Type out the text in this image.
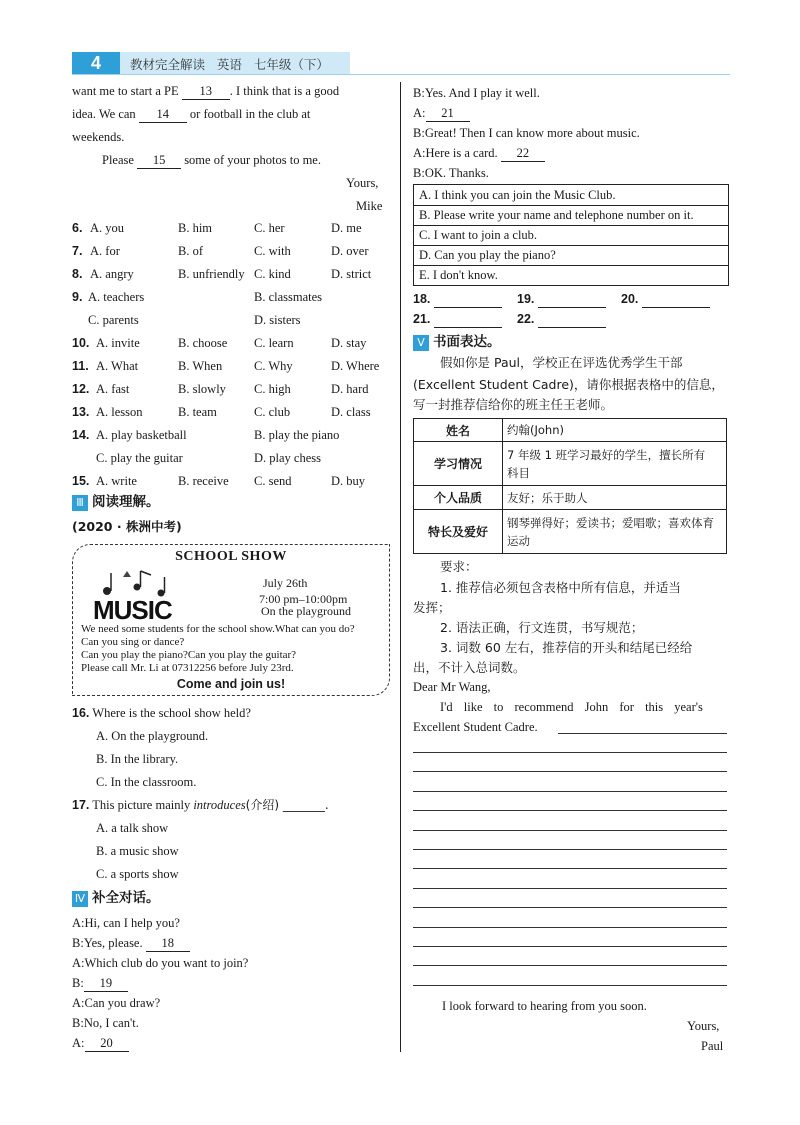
4	教材完全解读   英语   七年级（下）
want me to start a PE 13 . I think that is a good
idea. We can 14 or football in the club at
weekends.
Please 15 some of your photos to me.
Yours,
Mike
6. A. you	B. him	C. her	D. me
7. A. for	B. of	C. with	D. over
8. A. angry	B. unfriendly C. kind	D. strict
9. A. teachers	B. classmates
C. parents	D. sisters
10. A. invite	B. choose C. learn	D. stay
11. A. What	B. When	C. Why	D. Where
12. A. fast	B. slowly C. high	D. hard
13. A. lesson	B. team	C. club	D. class
14. A. play basketball	B. play the piano
C. play the guitar	D. play chess
15. A. write	B. receive C. send	D. buy
Ⅲ 阅读理解。
(2020 · 株洲中考)
SCHOOL SHOW
MUSIC
July 26th
7:00 pm–10:00pm
On the playground
We need some students for the school show.What can you do?
Can you sing or dance?
Can you play the piano?Can you play the guitar?
Please call Mr. Li at 07312256 before July 23rd.
Come and join us!
16. Where is the school show held?
A. On the playground.
B. In the library.
C. In the classroom.
17. This picture mainly introduces(介绍) _______.
A. a talk show
B. a music show
C. a sports show
Ⅳ 补全对话。
A:Hi, can I help you?
B:Yes, please. 18
A:Which club do you want to join?
B: 19
A:Can you draw?
B:No, I can't.
A: 20
B:Yes. And I play it well.
A: 21
B:Great! Then I can know more about music.
A:Here is a card. 22
B:OK. Thanks.
A. I think you can join the Music Club.
B. Please write your name and telephone number on it.
C. I want to join a club.
D. Can you play the piano?
E. I don't know.
18.	19.	20.
21.	22.
Ⅴ 书面表达。
假如你是 Paul，学校正在评选优秀学生干部
(Excellent Student Cadre)，请你根据表格中的信息，
写一封推荐信给你的班主任王老师。
姓名	约翰(John)
学习情况	7 年级 1 班学习最好的学生，擅长所有
科目
个人品质	友好；乐于助人
特长及爱好	钢琴弹得好；爱读书；爱唱歌；喜欢体育
运动
要求：
1. 推荐信必须包含表格中所有信息，并适当
发挥；
2. 语法正确，行文连贯，书写规范；
3. 词数 60 左右，推荐信的开头和结尾已经给
出，不计入总词数。
Dear Mr Wang,
I'd like to recommend John for this year's
Excellent Student Cadre.
I look forward to hearing from you soon.
Yours,
Paul
